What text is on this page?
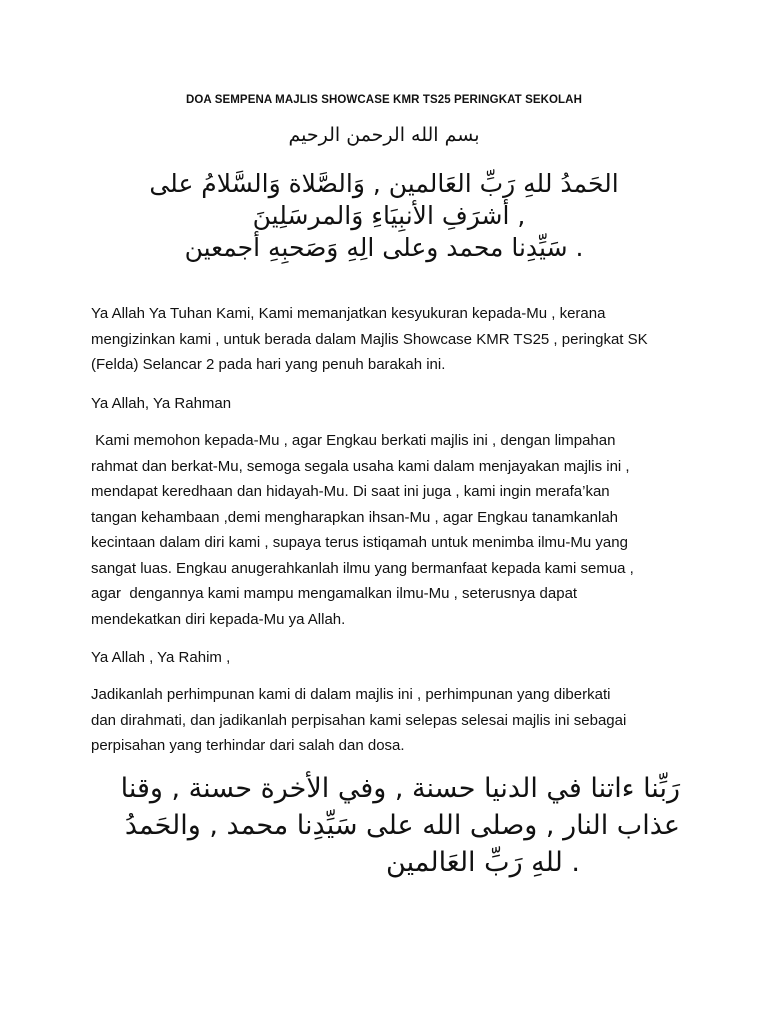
DOA SEMPENA MAJLIS SHOWCASE KMR TS25 PERINGKAT SEKOLAH
بسم الله الرحمن الرحيم
الحَمدُ للهِ رَبِّ العَالمين , وَالصَّلاة وَالسَّلامُ على
, أشرَفِ الأنبِيَاءِ وَالمرسَلِينَ
. سَيِّدِنا محمد وعلى الِهِ وَصَحبِهِ أجمعين

Ya Allah Ya Tuhan Kami, Kami memanjatkan kesyukuran kepada-Mu , kerana
mengizinkan kami , untuk berada dalam Majlis Showcase KMR TS25 , peringkat SK
(Felda) Selancar 2 pada hari yang penuh barakah ini.

Ya Allah, Ya Rahman

Kami memohon kepada-Mu , agar Engkau berkati majlis ini , dengan limpahan
rahmat dan berkat-Mu, semoga segala usaha kami dalam menjayakan majlis ini ,
mendapat keredhaan dan hidayah-Mu. Di saat ini juga , kami ingin merafa’kan
tangan kehambaan ,demi mengharapkan ihsan-Mu , agar Engkau tanamkanlah
kecintaan dalam diri kami , supaya terus istiqamah untuk menimba ilmu-Mu yang
sangat luas. Engkau anugerahkanlah ilmu yang bermanfaat kepada kami semua ,
agar  dengannya kami mampu mengamalkan ilmu-Mu , seterusnya dapat
mendekatkan diri kepada-Mu ya Allah.

Ya Allah , Ya Rahim ,

Jadikanlah perhimpunan kami di dalam majlis ini , perhimpunan yang diberkati
dan dirahmati, dan jadikanlah perpisahan kami selepas selesai majlis ini sebagai
perpisahan yang terhindar dari salah dan dosa.

رَبِّنا ءاتنا في الدنيا حسنة , وفي الأخرة حسنة , وقنا
عذاب النار , وصلى الله على سَيِّدِنا محمد , والحَمدُ
. للهِ رَبِّ العَالمين
